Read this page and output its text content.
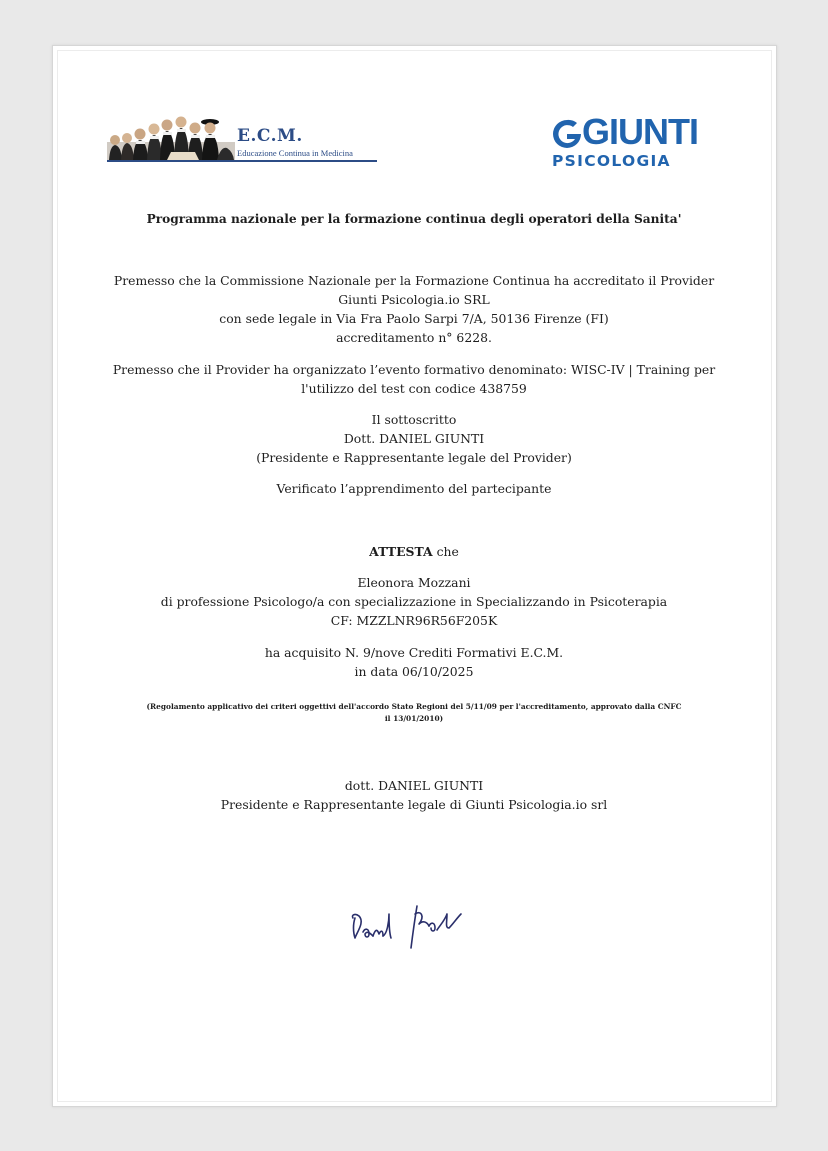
E.C.M.
Educazione Continua in Medicina
GIUNTI
PSICOLOGIA
Programma nazionale per la formazione continua degli operatori della Sanita'
Premesso che la Commissione Nazionale per la Formazione Continua ha accreditato il Provider
Giunti Psicologia.io SRL
con sede legale in Via Fra Paolo Sarpi 7/A, 50136 Firenze (FI)
accreditamento n° 6228.
Premesso che il Provider ha organizzato l’evento formativo denominato: WISC-IV | Training per
l'utilizzo del test con codice 438759
Il sottoscritto
Dott. DANIEL GIUNTI
(Presidente e Rappresentante legale del Provider)
Verificato l’apprendimento del partecipante
ATTESTA che
Eleonora Mozzani
di professione Psicologo/a con specializzazione in Specializzando in Psicoterapia
CF: MZZLNR96R56F205K
ha acquisito N. 9/nove Crediti Formativi E.C.M.
in data 06/10/2025
(Regolamento applicativo dei criteri oggettivi dell'accordo Stato Regioni del 5/11/09 per l'accreditamento, approvato dalla CNFC
il 13/01/2010)
dott. DANIEL GIUNTI
Presidente e Rappresentante legale di Giunti Psicologia.io srl
